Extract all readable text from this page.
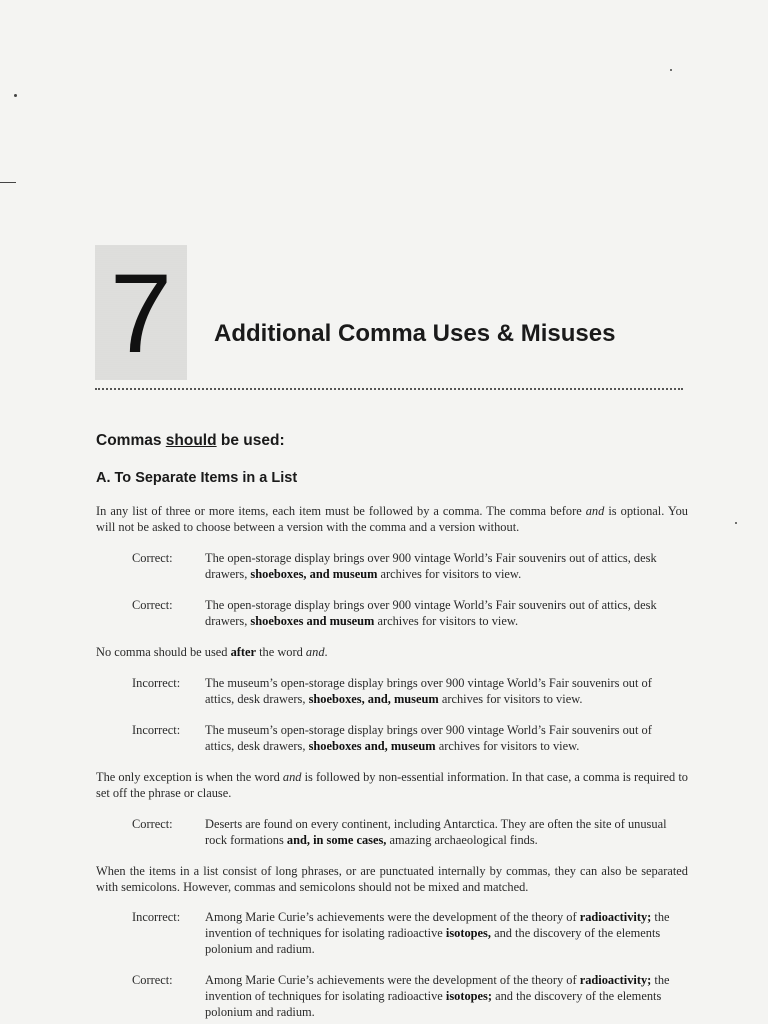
7	Additional Comma Uses & Misuses
Commas should be used:
A. To Separate Items in a List

In any list of three or more items, each item must be followed by a comma. The comma before and is optional. You will not be asked to choose between a version with the comma and a version without.

Correct:	The open-storage display brings over 900 vintage World’s Fair souvenirs out of attics, desk drawers, shoeboxes, and museum archives for visitors to view.
Correct:	The open-storage display brings over 900 vintage World’s Fair souvenirs out of attics, desk drawers, shoeboxes and museum archives for visitors to view.

No comma should be used after the word and.

Incorrect:	The museum’s open-storage display brings over 900 vintage World’s Fair souvenirs out of attics, desk drawers, shoeboxes, and, museum archives for visitors to view.
Incorrect:	The museum’s open-storage display brings over 900 vintage World’s Fair souvenirs out of attics, desk drawers, shoeboxes and, museum archives for visitors to view.

The only exception is when the word and is followed by non-essential information. In that case, a comma is required to set off the phrase or clause.

Correct:	Deserts are found on every continent, including Antarctica. They are often the site of unusual rock formations and, in some cases, amazing archaeological finds.

When the items in a list consist of long phrases, or are punctuated internally by commas, they can also be separated with semicolons. However, commas and semicolons should not be mixed and matched.

Incorrect:	Among Marie Curie’s achievements were the development of the theory of radioactivity; the invention of techniques for isolating radioactive isotopes, and the discovery of the elements polonium and radium.
Correct:	Among Marie Curie’s achievements were the development of the theory of radioactivity; the invention of techniques for isolating radioactive isotopes; and the discovery of the elements polonium and radium.
